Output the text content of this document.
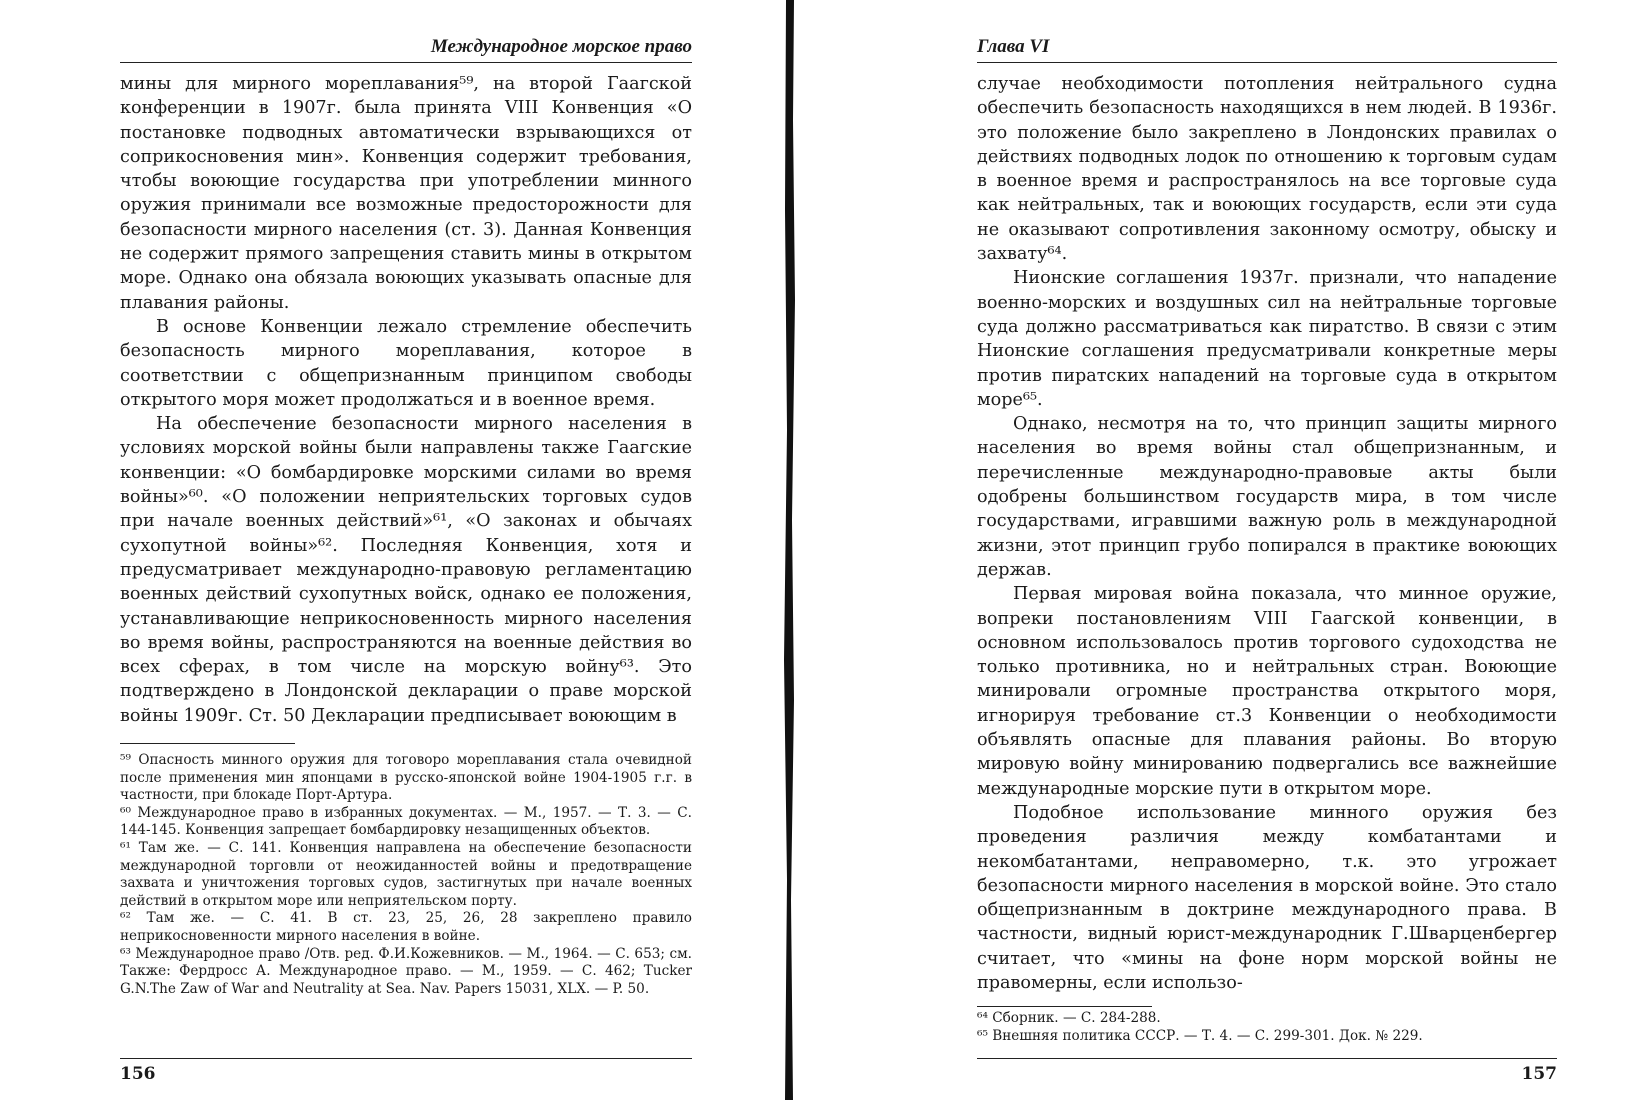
Международное морское право

мины для мирного мореплавания⁵⁹, на второй Гаагской конференции в 1907г. была принята VIII Конвенция «О постановке подводных автоматически взрывающихся от соприкосновения мин». Конвенция содержит требования, чтобы воюющие государства при употреблении минного оружия принимали все возможные предосторожности для безопасности мирного населения (ст. 3). Данная Конвенция не содержит прямого запрещения ставить мины в открытом море. Однако она обязала воюющих указывать опасные для плавания районы.

В основе Конвенции лежало стремление обеспечить безопасность мирного мореплавания, которое в соответствии с общепризнанным принципом свободы открытого моря может продолжаться и в военное время.

На обеспечение безопасности мирного населения в условиях морской войны были направлены также Гаагские конвенции: «О бомбардировке морскими силами во время войны»⁶⁰. «О положении неприятельских торговых судов при начале военных действий»⁶¹, «О законах и обычаях сухопутной войны»⁶². Последняя Конвенция, хотя и предусматривает международно-правовую регламентацию военных действий сухопутных войск, однако ее положения, устанавливающие неприкосновенность мирного населения во время войны, распространяются на военные действия во всех сферах, в том числе на морскую войну⁶³. Это подтверждено в Лондонской декларации о праве морской войны 1909г. Ст. 50 Декларации предписывает воюющим в

⁵⁹ Опасность минного оружия для тоговоро мореплавания стала очевидной после применения мин японцами в русско-японской войне 1904-1905 г.г. в частности, при блокаде Порт-Артура.

⁶⁰ Международное право в избранных документах. — М., 1957. — Т. 3. — С. 144-145. Конвенция запрещает бомбардировку незащищенных объектов.

⁶¹ Там же. — С. 141. Конвенция направлена на обеспечение безопасности международной торговли от неожиданностей войны и предотвращение захвата и уничтожения торговых судов, застигнутых при начале военных действий в открытом море или неприятельском порту.

⁶² Там же. — С. 41. В ст. 23, 25, 26, 28 закреплено правило неприкосновенности мирного населения в войне.

⁶³ Международное право /Отв. ред. Ф.И.Кожевников. — М., 1964. — С. 653; см. Также: Фердросс А. Международное право. — М., 1959. — С. 462; Tucker G.N.The Zaw of War and Neutrality at Sea. Nav. Papers 15031, XLX. — P. 50.

156
Глава VI

случае необходимости потопления нейтрального судна обеспечить безопасность находящихся в нем людей. В 1936г. это положение было закреплено в Лондонских правилах о действиях подводных лодок по отношению к торговым судам в военное время и распространялось на все торговые суда как нейтральных, так и воюющих государств, если эти суда не оказывают сопротивления законному осмотру, обыску и захвату⁶⁴.

Нионские соглашения 1937г. признали, что нападение военно-морских и воздушных сил на нейтральные торговые суда должно рассматриваться как пиратство. В связи с этим Нионские соглашения предусматривали конкретные меры против пиратских нападений на торговые суда в открытом море⁶⁵.

Однако, несмотря на то, что принцип защиты мирного населения во время войны стал общепризнанным, и перечисленные международно-правовые акты были одобрены большинством государств мира, в том числе государствами, игравшими важную роль в международной жизни, этот принцип грубо попирался в практике воюющих держав.

Первая мировая война показала, что минное оружие, вопреки постановлениям VIII Гаагской конвенции, в основном использовалось против торгового судоходства не только противника, но и нейтральных стран. Воюющие минировали огромные пространства открытого моря, игнорируя требование ст.3 Конвенции о необходимости объявлять опасные для плавания районы. Во вторую мировую войну минированию подвергались все важнейшие международные морские пути в открытом море.

Подобное использование минного оружия без проведения различия между комбатантами и некомбатантами, неправомерно, т.к. это угрожает безопасности мирного населения в морской войне. Это стало общепризнанным в доктрине международного права. В частности, видный юрист-международник Г.Шварценбергер считает, что «мины на фоне норм морской войны не правомерны, если использо-

⁶⁴ Сборник. — С. 284-288.

⁶⁵ Внешняя политика СССР. — Т. 4. — С. 299-301. Док. № 229.

157
